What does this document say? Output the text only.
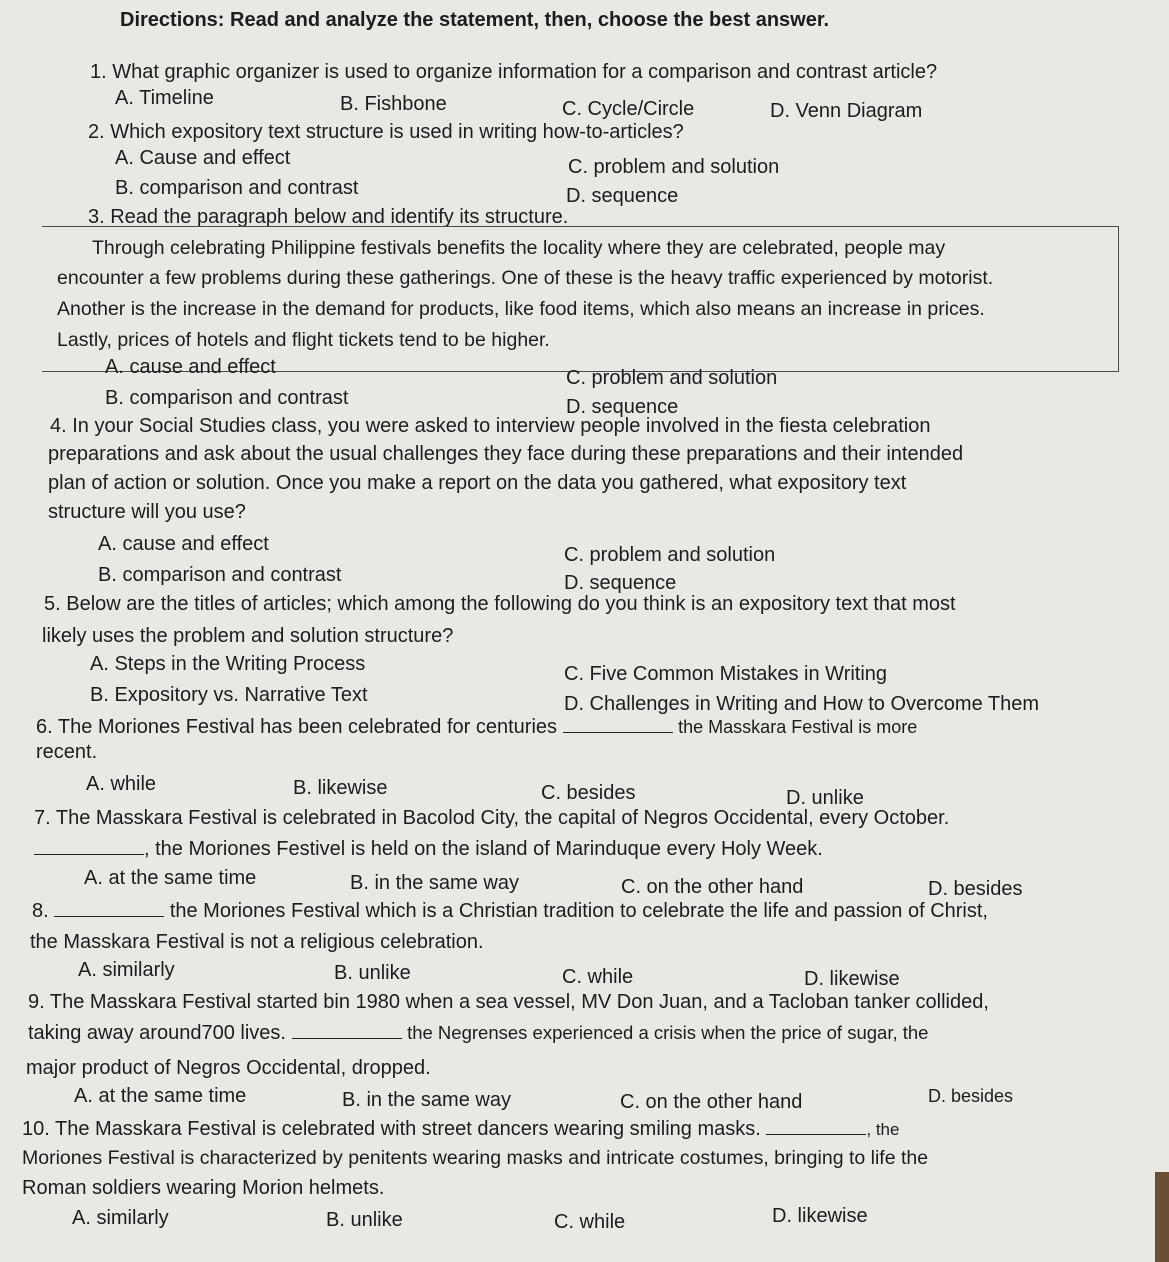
Directions: Read and analyze the statement, then, choose the best answer.
1. What graphic organizer is used to organize information for a comparison and contrast article?
A. Timeline	B. Fishbone	C. Cycle/Circle	D. Venn Diagram
2. Which expository text structure is used in writing how-to-articles?
A. Cause and effect	C. problem and solution
B. comparison and contrast	D. sequence
3. Read the paragraph below and identify its structure.
Through celebrating Philippine festivals benefits the locality where they are celebrated, people may
encounter a few problems during these gatherings. One of these is the heavy traffic experienced by motorist.
Another is the increase in the demand for products, like food items, which also means an increase in prices.
Lastly, prices of hotels and flight tickets tend to be higher.
A. cause and effect	C. problem and solution
B. comparison and contrast	D. sequence
4. In your Social Studies class, you were asked to interview people involved in the fiesta celebration
preparations and ask about the usual challenges they face during these preparations and their intended
plan of action or solution. Once you make a report on the data you gathered, what expository text
structure will you use?
A. cause and effect	C. problem and solution
B. comparison and contrast	D. sequence
5. Below are the titles of articles; which among the following do you think is an expository text that most
likely uses the problem and solution structure?
A. Steps in the Writing Process	C. Five Common Mistakes in Writing
B. Expository vs. Narrative Text	D. Challenges in Writing and How to Overcome Them
6. The Moriones Festival has been celebrated for centuries	the Masskara Festival is more
recent.
A. while	B. likewise	C. besides	D. unlike
7. The Masskara Festival is celebrated in Bacolod City, the capital of Negros Occidental, every October.
, the Moriones Festivel is held on the island of Marinduque every Holy Week.
A. at the same time	B. in the same way	C. on the other hand	D. besides
8.	the Moriones Festival which is a Christian tradition to celebrate the life and passion of Christ,
the Masskara Festival is not a religious celebration.
A. similarly	B. unlike	C. while	D. likewise
9. The Masskara Festival started bin 1980 when a sea vessel, MV Don Juan, and a Tacloban tanker collided,
taking away around700 lives.	the Negrenses experienced a crisis when the price of sugar, the
major product of Negros Occidental, dropped.
A. at the same time	B. in the same way	C. on the other hand	D. besides
10. The Masskara Festival is celebrated with street dancers wearing smiling masks.	, the
Moriones Festival is characterized by penitents wearing masks and intricate costumes, bringing to life the
Roman soldiers wearing Morion helmets.
A. similarly	B. unlike	C. while	D. likewise
